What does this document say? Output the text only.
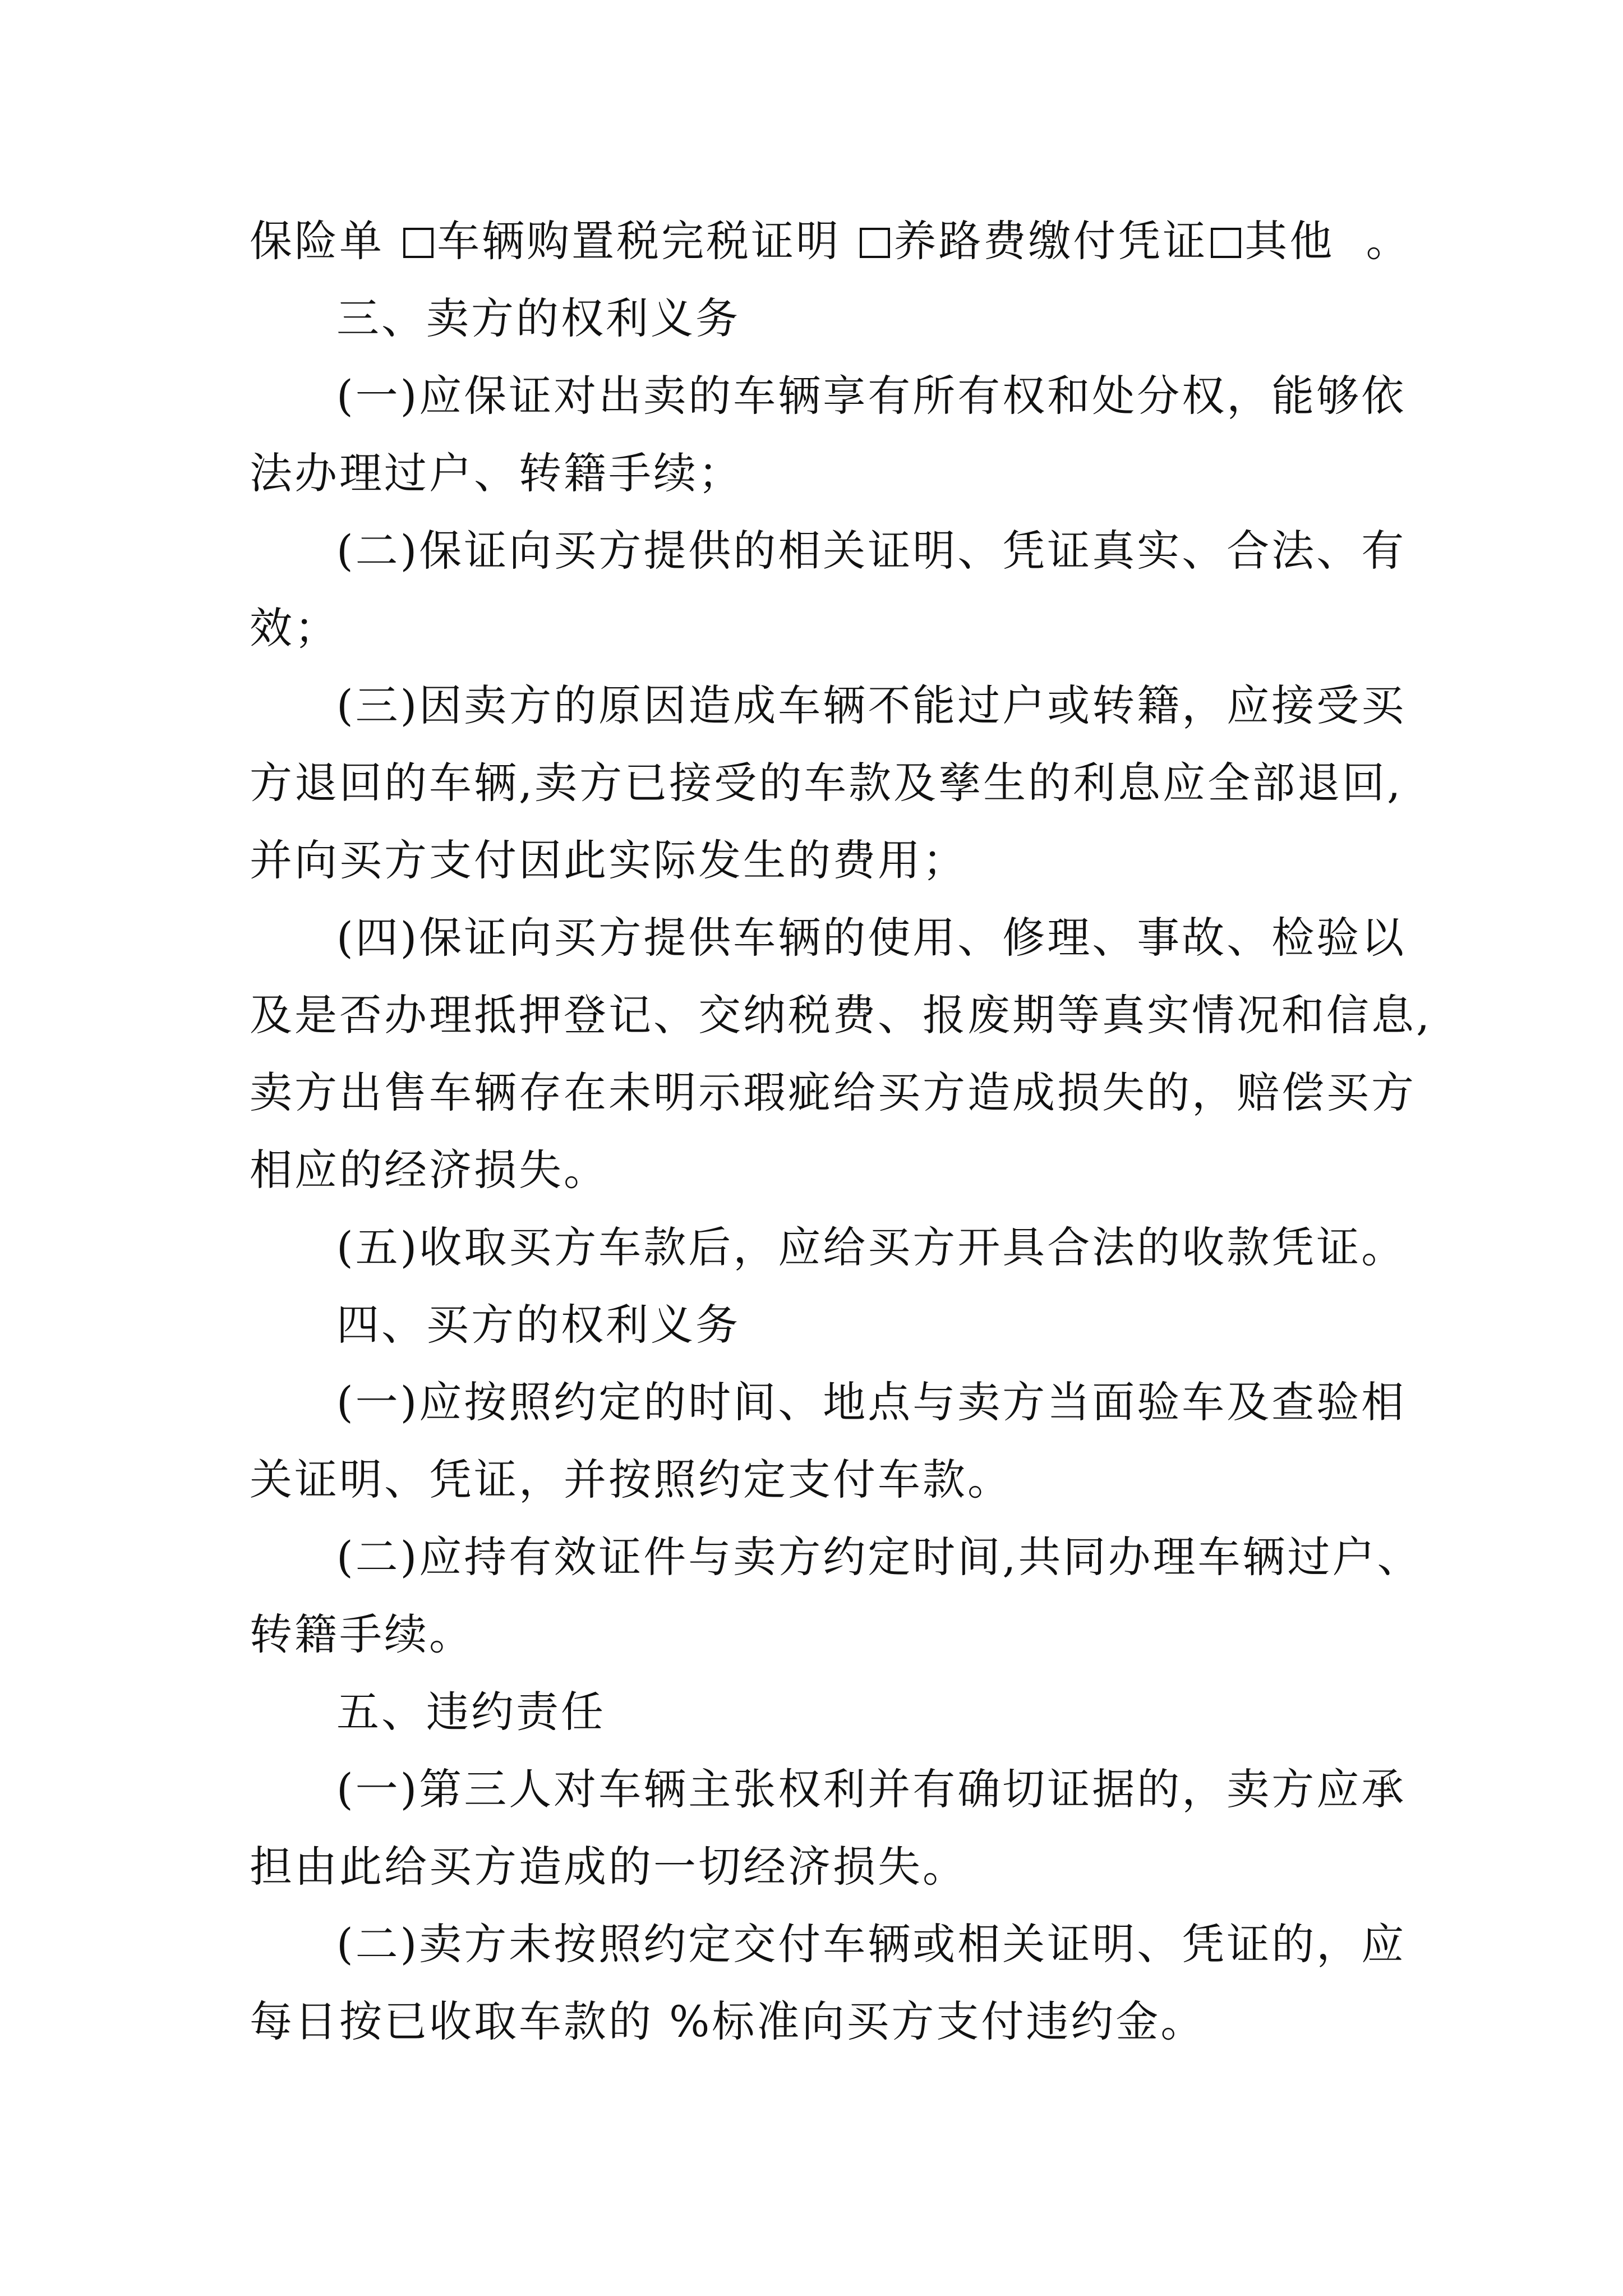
保险单 车辆购置税完税证明 养路费缴付凭证 其他 。
三、卖方的权利义务
(一)应保证对出卖的车辆享有所有权和处分权，能够依
法办理过户、转籍手续；
(二)保证向买方提供的相关证明、凭证真实、合法、有
效；
(三)因卖方的原因造成车辆不能过户或转籍，应接受买
方退回的车辆,卖方已接受的车款及孳生的利息应全部退回,
并向买方支付因此实际发生的费用；
(四)保证向买方提供车辆的使用、修理、事故、检验以
及是否办理抵押登记、交纳税费、报废期等真实情况和信息,
卖方出售车辆存在未明示瑕疵给买方造成损失的，赔偿买方
相应的经济损失。
(五)收取买方车款后，应给买方开具合法的收款凭证。
四、买方的权利义务
(一)应按照约定的时间、地点与卖方当面验车及查验相
关证明、凭证，并按照约定支付车款。
(二)应持有效证件与卖方约定时间,共同办理车辆过户、
转籍手续。
五、违约责任
(一)第三人对车辆主张权利并有确切证据的，卖方应承
担由此给买方造成的一切经济损失。
(二)卖方未按照约定交付车辆或相关证明、凭证的，应
每日按已收取车款的 %标准向买方支付违约金。
